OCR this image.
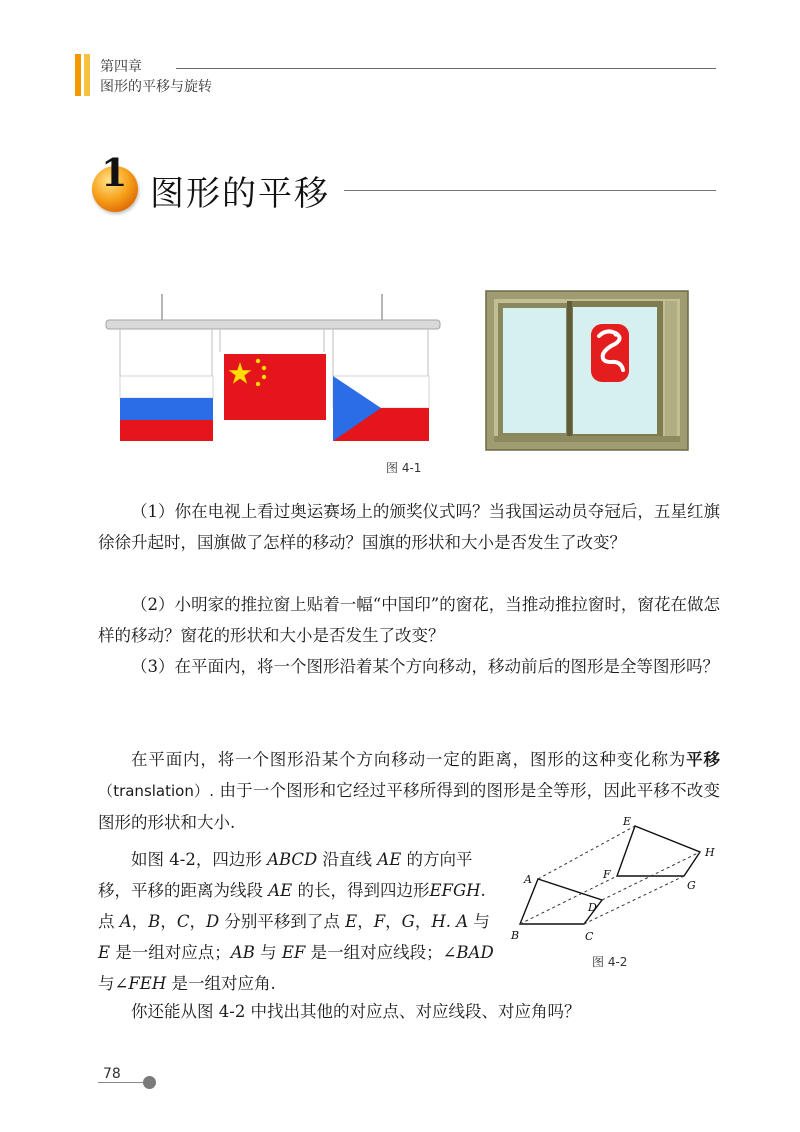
第四章
图形的平移与旋转
1 图形的平移
图 4-1

（1）你在电视上看过奥运赛场上的颁奖仪式吗？当我国运动员夺冠后，五星红旗徐徐升起时，国旗做了怎样的移动？国旗的形状和大小是否发生了改变？

（2）小明家的推拉窗上贴着一幅“中国印”的窗花，当推动推拉窗时，窗花在做怎样的移动？窗花的形状和大小是否发生了改变？

（3）在平面内，将一个图形沿着某个方向移动，移动前后的图形是全等图形吗？

在平面内，将一个图形沿某个方向移动一定的距离，图形的这种变化称为平移（translation）. 由于一个图形和它经过平移所得到的图形是全等形，因此平移不改变图形的形状和大小.

如图 4-2，四边形 ABCD 沿直线 AE 的方向平移，平移的距离为线段 AE 的长，得到四边形EFGH. 点 A，B，C，D 分别平移到了点 E，F，G，H. A 与 E 是一组对应点；AB 与 EF 是一组对应线段；∠BAD 与∠FEH 是一组对应角.

A
B	C
D
E
F
G
H
图 4-2

你还能从图 4-2 中找出其他的对应点、对应线段、对应角吗？

78
